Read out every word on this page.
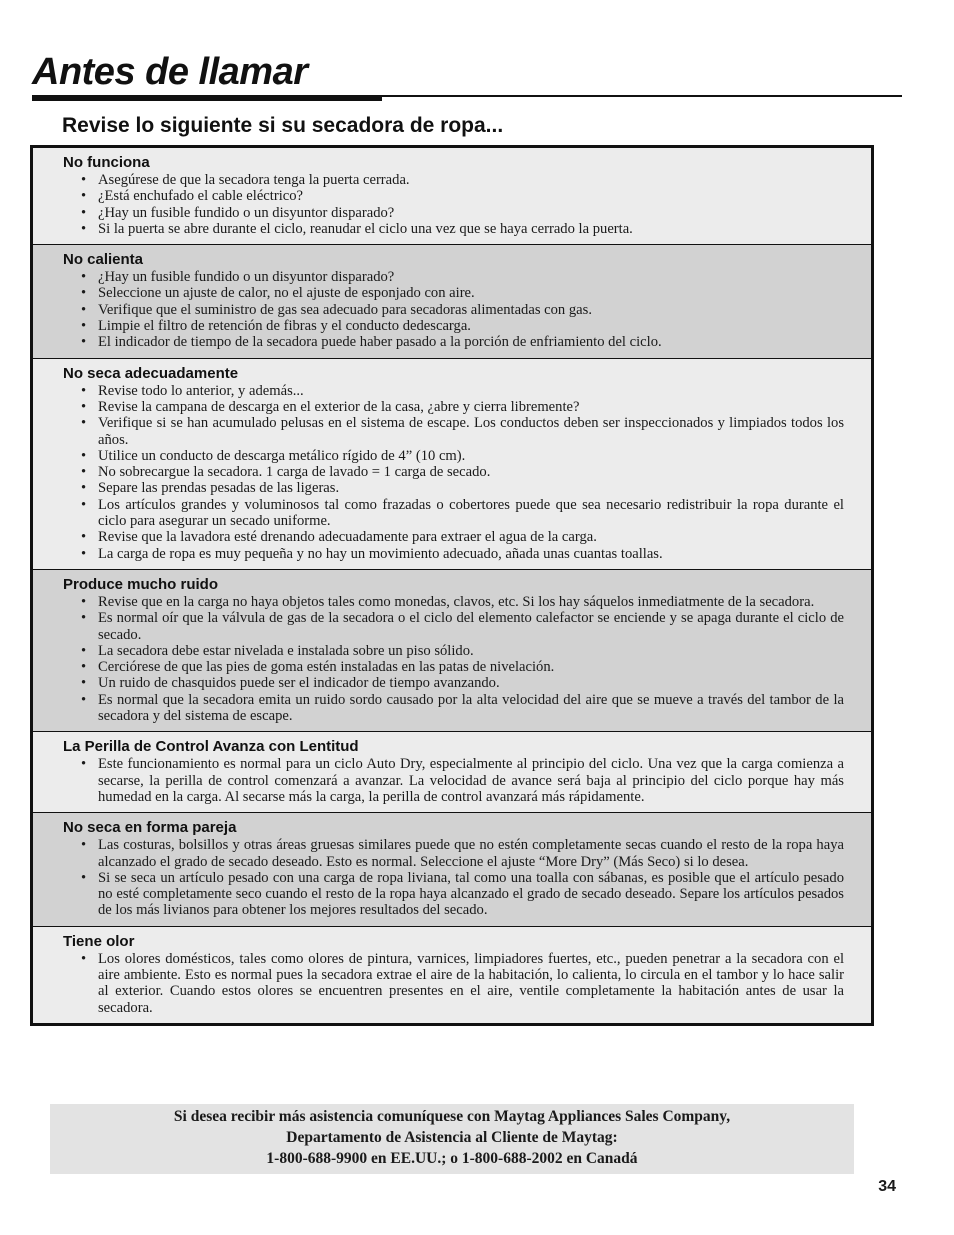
Antes de llamar
Revise lo siguiente si su secadora de ropa...
No funciona
• Asegúrese de que la secadora tenga la puerta cerrada.
• ¿Está enchufado el cable eléctrico?
• ¿Hay un fusible fundido o un disyuntor disparado?
• Si la puerta se abre durante el ciclo, reanudar el ciclo una vez que se haya cerrado la puerta.
No calienta
• ¿Hay un fusible fundido o un disyuntor disparado?
• Seleccione un ajuste de calor, no el ajuste de esponjado con aire.
• Verifique que el suministro de gas sea adecuado para secadoras alimentadas con gas.
• Limpie el filtro de retención de fibras y el conducto dedescarga.
• El indicador de tiempo de la secadora puede haber pasado a la porción de enfriamiento del ciclo.
No seca adecuadamente
• Revise todo lo anterior, y además...
• Revise la campana de descarga en el exterior de la casa, ¿abre y cierra libremente?
• Verifique si se han acumulado pelusas en el sistema de escape. Los conductos deben ser inspeccionados y limpiados todos los años.
• Utilice un conducto de descarga metálico rígido de 4” (10 cm).
• No sobrecargue la secadora. 1 carga de lavado = 1 carga de secado.
• Separe las prendas pesadas de las ligeras.
• Los artículos grandes y voluminosos tal como frazadas o cobertores puede que sea necesario redistribuir la ropa durante el ciclo para asegurar un secado uniforme.
• Revise que la lavadora esté drenando adecuadamente para extraer el agua de la carga.
• La carga de ropa es muy pequeña y no hay un movimiento adecuado, añada unas cuantas toallas.
Produce mucho ruido
• Revise que en la carga no haya objetos tales como monedas, clavos, etc. Si los hay sáquelos inmediatmente de la secadora.
• Es normal oír que la válvula de gas de la secadora o el ciclo del elemento calefactor se enciende y se apaga durante el ciclo de secado.
• La secadora debe estar nivelada e instalada sobre un piso sólido.
• Cerciórese de que las pies de goma estén instaladas en las patas de nivelación.
• Un ruido de chasquidos puede ser el indicador de tiempo avanzando.
• Es normal que la secadora emita un ruido sordo causado por la alta velocidad del aire que se mueve a través del tambor de la secadora y del sistema de escape.
La Perilla de Control Avanza con Lentitud
• Este funcionamiento es normal para un ciclo Auto Dry, especialmente al principio del ciclo. Una vez que la carga comienza a secarse, la perilla de control comenzará a avanzar. La velocidad de avance será baja al principio del ciclo porque hay más humedad en la carga. Al secarse más la carga, la perilla de control avanzará más rápidamente.
No seca en forma pareja
• Las costuras, bolsillos y otras áreas gruesas similares puede que no estén completamente secas cuando el resto de la ropa haya alcanzado el grado de secado deseado. Esto es normal. Seleccione el ajuste “More Dry” (Más Seco) si lo desea.
• Si se seca un artículo pesado con una carga de ropa liviana, tal como una toalla con sábanas, es posible que el artículo pesado no esté completamente seco cuando el resto de la ropa haya alcanzado el grado de secado deseado. Separe los artículos pesados de los más livianos para obtener los mejores resultados del secado.
Tiene olor
• Los olores domésticos, tales como olores de pintura, varnices, limpiadores fuertes, etc., pueden penetrar a la secadora con el aire ambiente. Esto es normal pues la secadora extrae el aire de la habitación, lo calienta, lo circula en el tambor y lo hace salir al exterior. Cuando estos olores se encuentren presentes en el aire, ventile completamente la habitación antes de usar la secadora.
Si desea recibir más asistencia comuníquese con Maytag Appliances Sales Company,
Departamento de Asistencia al Cliente de Maytag:
1-800-688-9900 en EE.UU.; o 1-800-688-2002 en Canadá
34
